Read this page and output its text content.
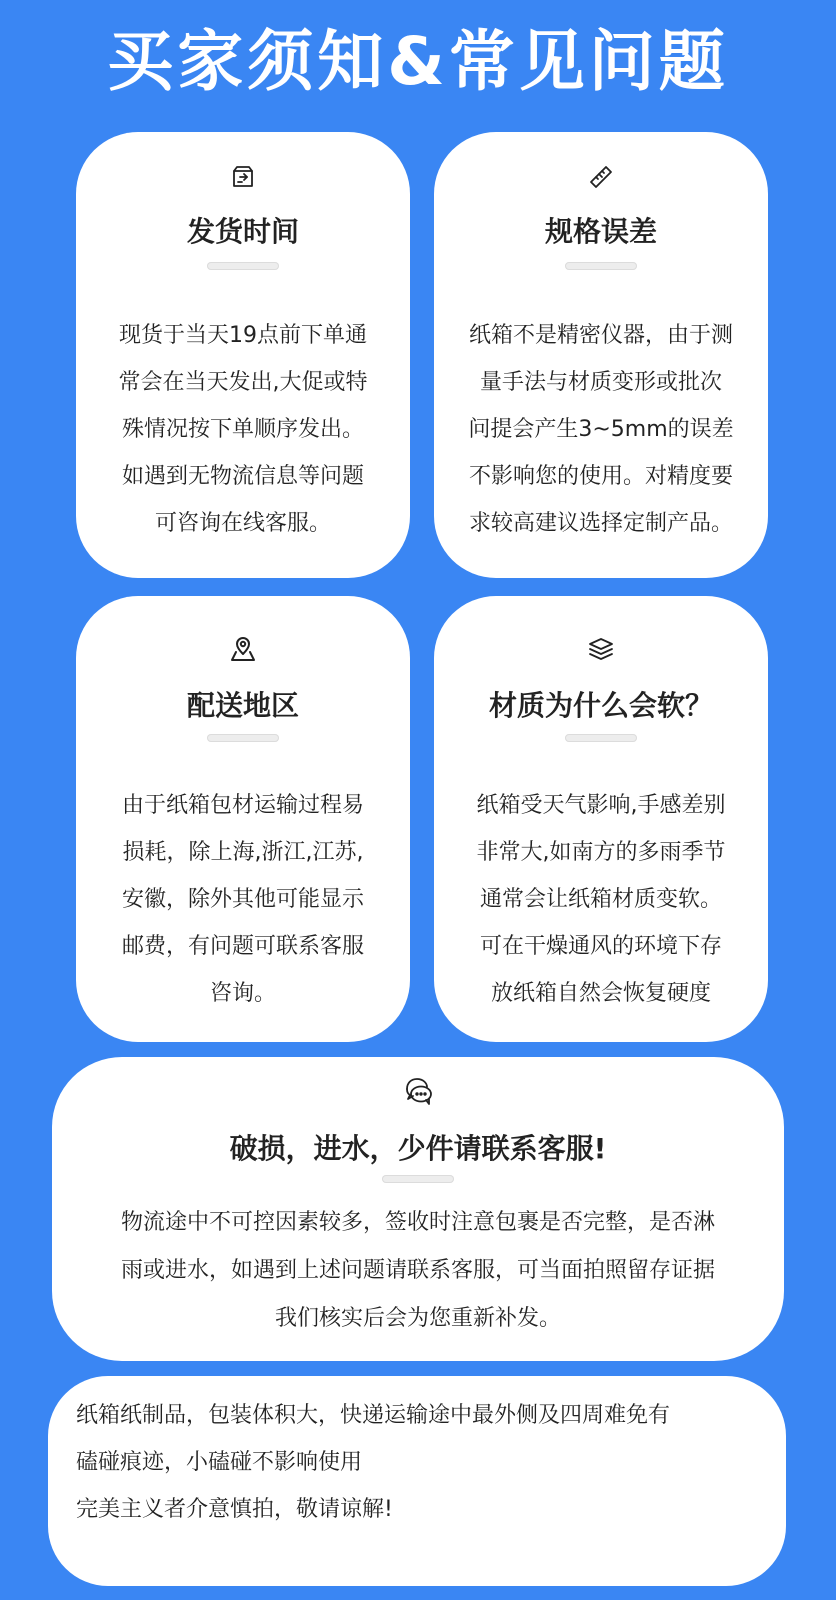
买家须知&常见问题
发货时间

现货于当天19点前下单通

常会在当天发出,大促或特

殊情况按下单顺序发出。

如遇到无物流信息等问题

可咨询在线客服。

规格误差

纸箱不是精密仪器，由于测

量手法与材质变形或批次

问提会产生3~5mm的误差

不影响您的使用。对精度要

求较高建议选择定制产品。

配送地区

由于纸箱包材运输过程易

损耗，除上海,浙江,江苏,

安徽，除外其他可能显示

邮费，有问题可联系客服

咨询。

材质为什么会软？

纸箱受天气影响,手感差别

非常大,如南方的多雨季节

通常会让纸箱材质变软。

可在干燥通风的环境下存

放纸箱自然会恢复硬度

破损，进水，少件请联系客服!

物流途中不可控因素较多，签收时注意包裹是否完整，是否淋

雨或进水，如遇到上述问题请联系客服，可当面拍照留存证据

我们核实后会为您重新补发。

纸箱纸制品，包装体积大，快递运输途中最外侧及四周难免有

磕碰痕迹，小磕碰不影响使用

完美主义者介意慎拍，敬请谅解!
